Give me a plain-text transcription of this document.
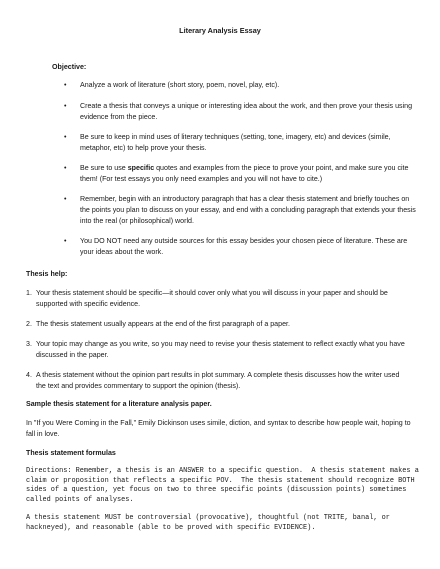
Literary Analysis Essay
Objective:
• Analyze a work of literature (short story, poem, novel, play, etc).
• Create a thesis that conveys a unique or interesting idea about the work, and then prove your thesis using evidence from the piece.
• Be sure to keep in mind uses of literary techniques (setting, tone, imagery, etc) and devices (simile, metaphor, etc) to help prove your thesis.
• Be sure to use specific quotes and examples from the piece to prove your point, and make sure you cite them! (For test essays you only need examples and you will not have to cite.)
• Remember, begin with an introductory paragraph that has a clear thesis statement and briefly touches on the points you plan to discuss on your essay, and end with a concluding paragraph that extends your thesis into the real (or philosophical) world.
• You DO NOT need any outside sources for this essay besides your chosen piece of literature. These are your ideas about the work.
Thesis help:
1. Your thesis statement should be specific—it should cover only what you will discuss in your paper and should be supported with specific evidence.
2. The thesis statement usually appears at the end of the first paragraph of a paper.
3. Your topic may change as you write, so you may need to revise your thesis statement to reflect exactly what you have discussed in the paper.
4. A thesis statement without the opinion part results in plot summary. A complete thesis discusses how the writer used the text and provides commentary to support the opinion (thesis).
Sample thesis statement for a literature analysis paper.
In "If you Were Coming in the Fall," Emily Dickinson uses simile, diction, and syntax to describe how people wait, hoping to fall in love.
Thesis statement formulas
Directions: Remember, a thesis is an ANSWER to a specific question.  A thesis statement makes a claim or proposition that reflects a specific POV.  The thesis statement should recognize BOTH sides of a question, yet focus on two to three specific points (discussion points) sometimes called points of analyses.
A thesis statement MUST be controversial (provocative), thoughtful (not TRITE, banal, or hackneyed), and reasonable (able to be proved with specific EVIDENCE).
